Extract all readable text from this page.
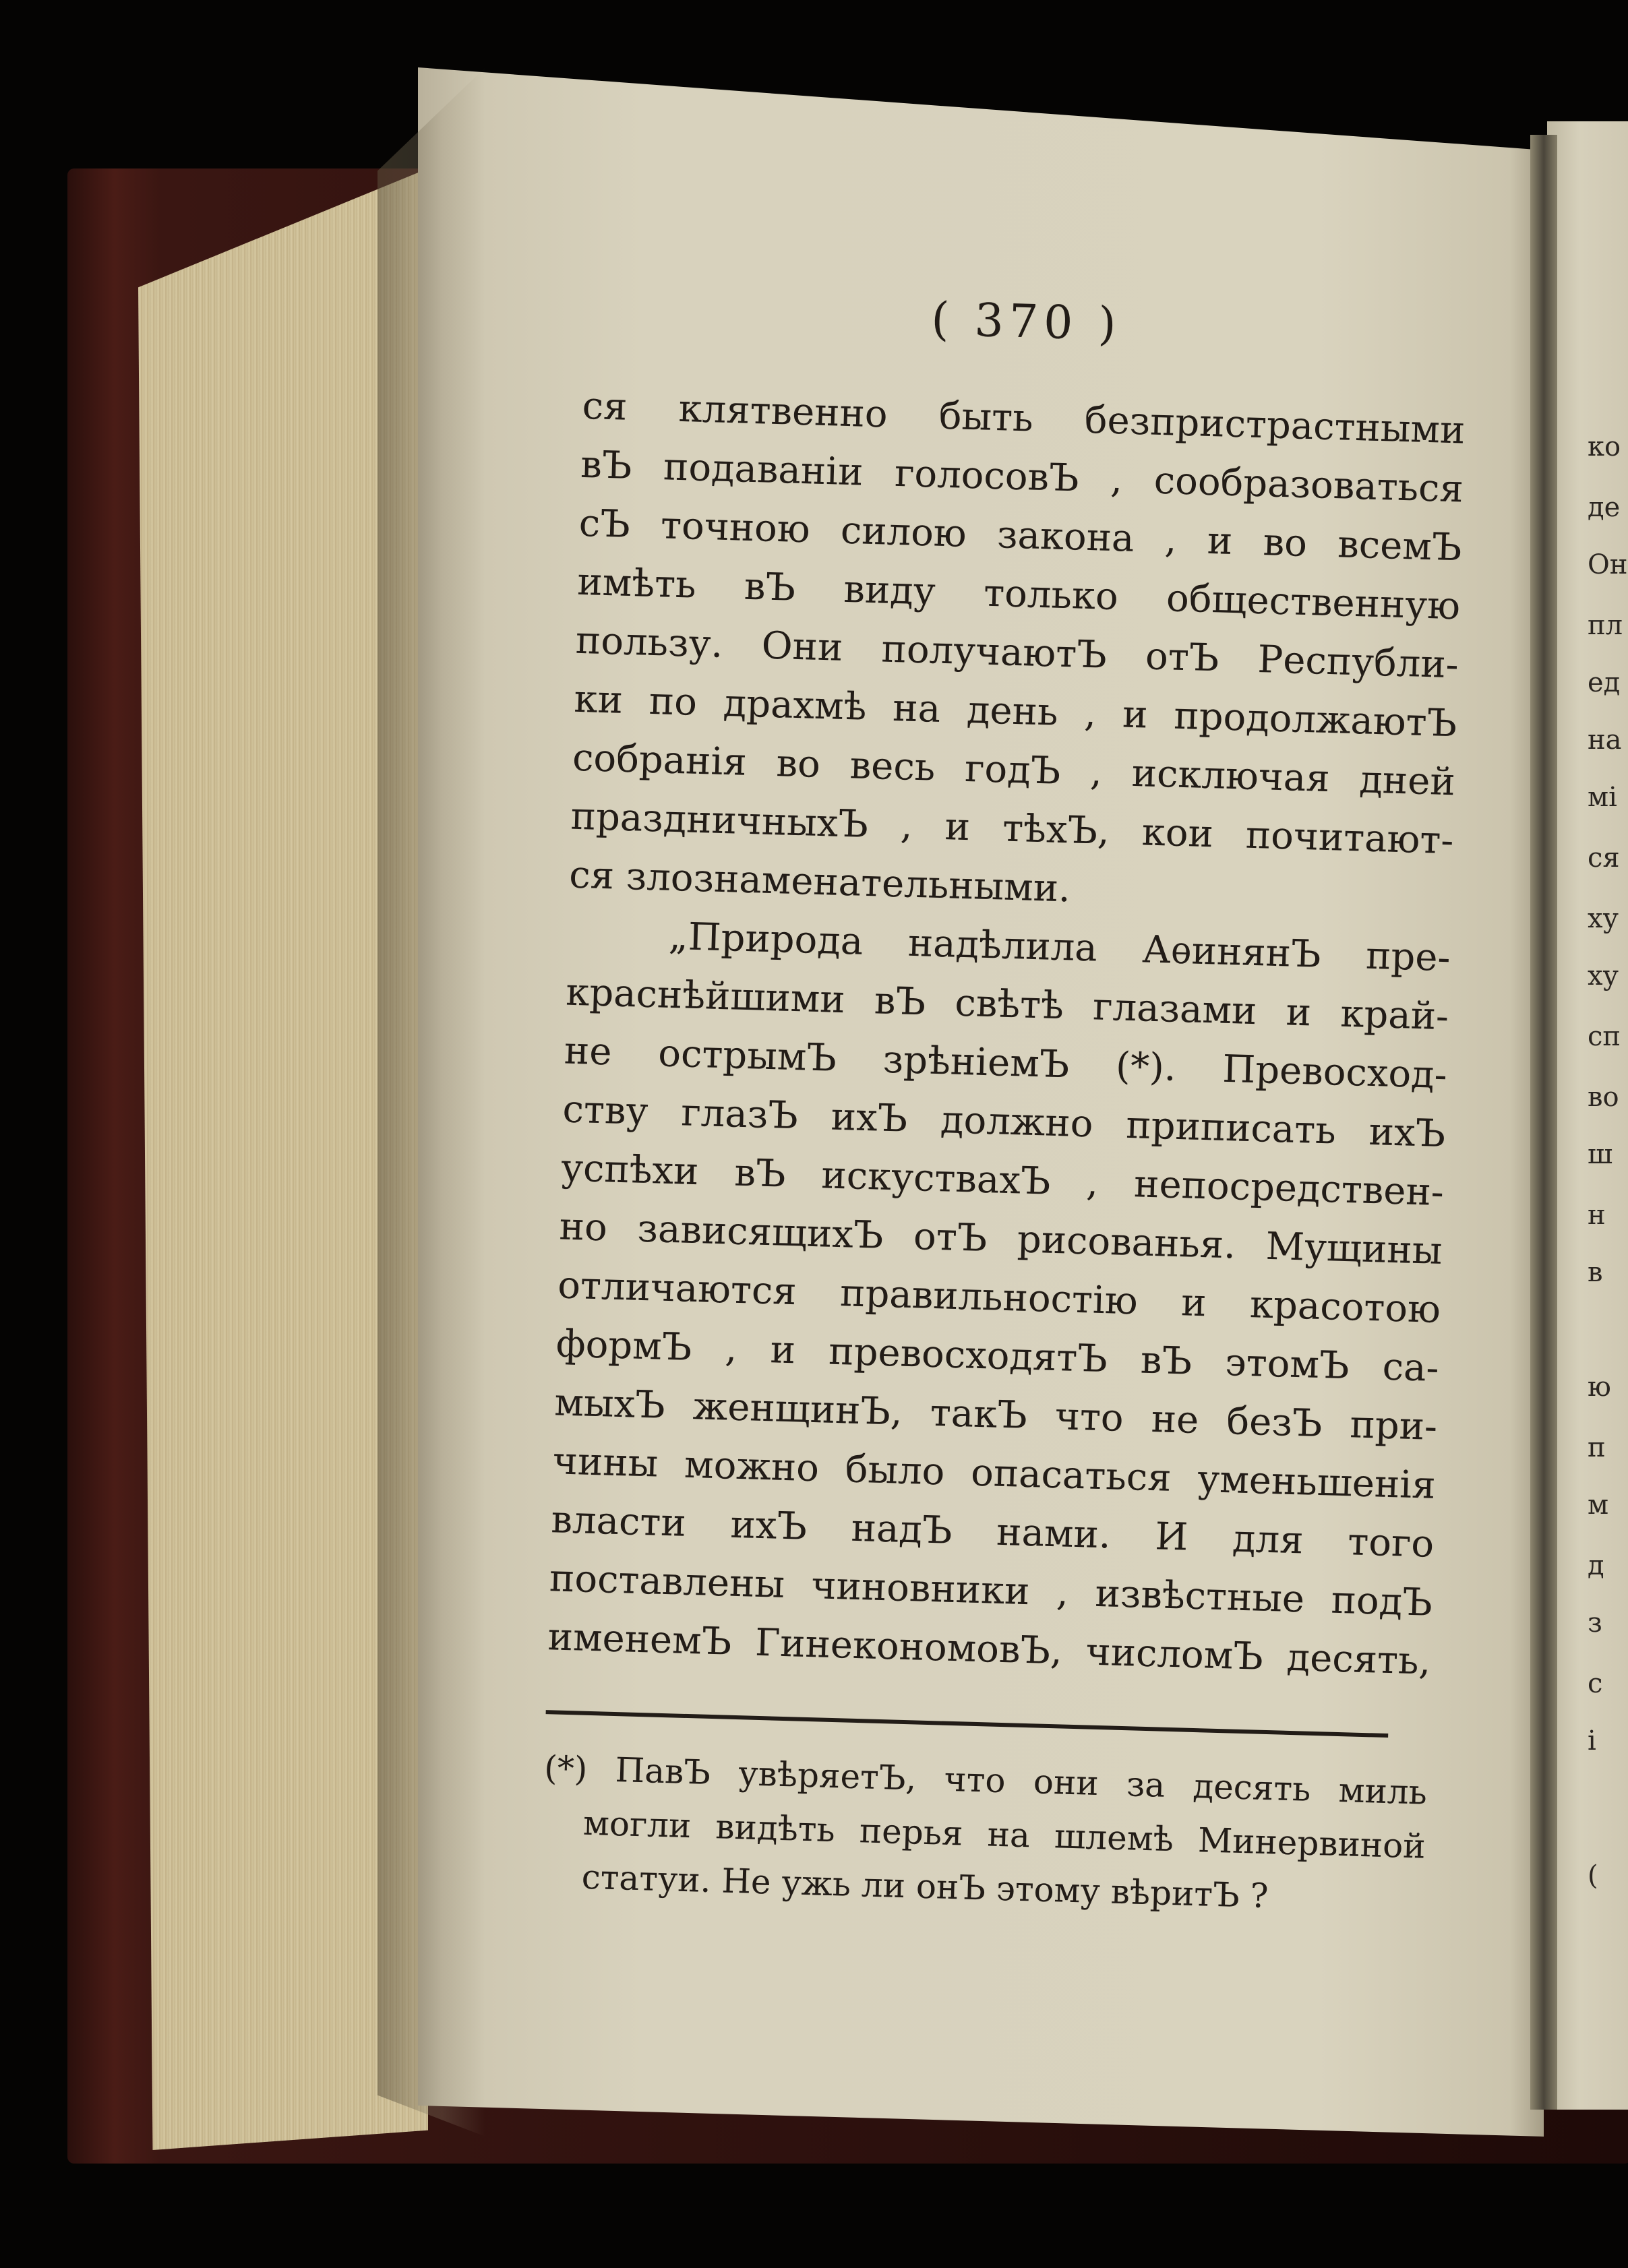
ко
де
Он
пл
ед
на
мі
ся
ху
ху
сп
во
ш
н
в
ю
п
м
д
з
с
і
(
( 370 )
ся клятвенно быть безпристрастными
вЪ подаваніи голосовЪ , сообразоваться
сЪ точною силою закона , и во всемЪ
имѣть вЪ виду только общественную
пользу. Они получаютЪ отЪ Республи-
ки по драхмѣ на день , и продолжаютЪ
собранія во весь годЪ , исключая дней
праздничныхЪ , и тѣхЪ, кои почитают-
ся злознаменательными.
„Природа надѣлила АѳинянЪ пре-
краснѣйшими вЪ свѣтѣ глазами и край-
не острымЪ зрѣніемЪ (*). Превосход-
ству глазЪ ихЪ должно приписать ихЪ
успѣхи вЪ искуствахЪ , непосредствен-
но зависящихЪ отЪ рисованья. Мущины
отличаются правильностію и красотою
формЪ , и превосходятЪ вЪ этомЪ са-
мыхЪ женщинЪ, такЪ что не безЪ при-
чины можно было опасаться уменьшенія
власти ихЪ надЪ нами. И для того
поставлены чиновники , извѣстные подЪ
именемЪ ГинекономовЪ, числомЪ десять,
(*) ПавЪ увѣряетЪ, что они за десять миль
могли видѣть перья на шлемѣ Минервиной
статуи. Не ужь ли онЪ этому вѣритЪ ?
